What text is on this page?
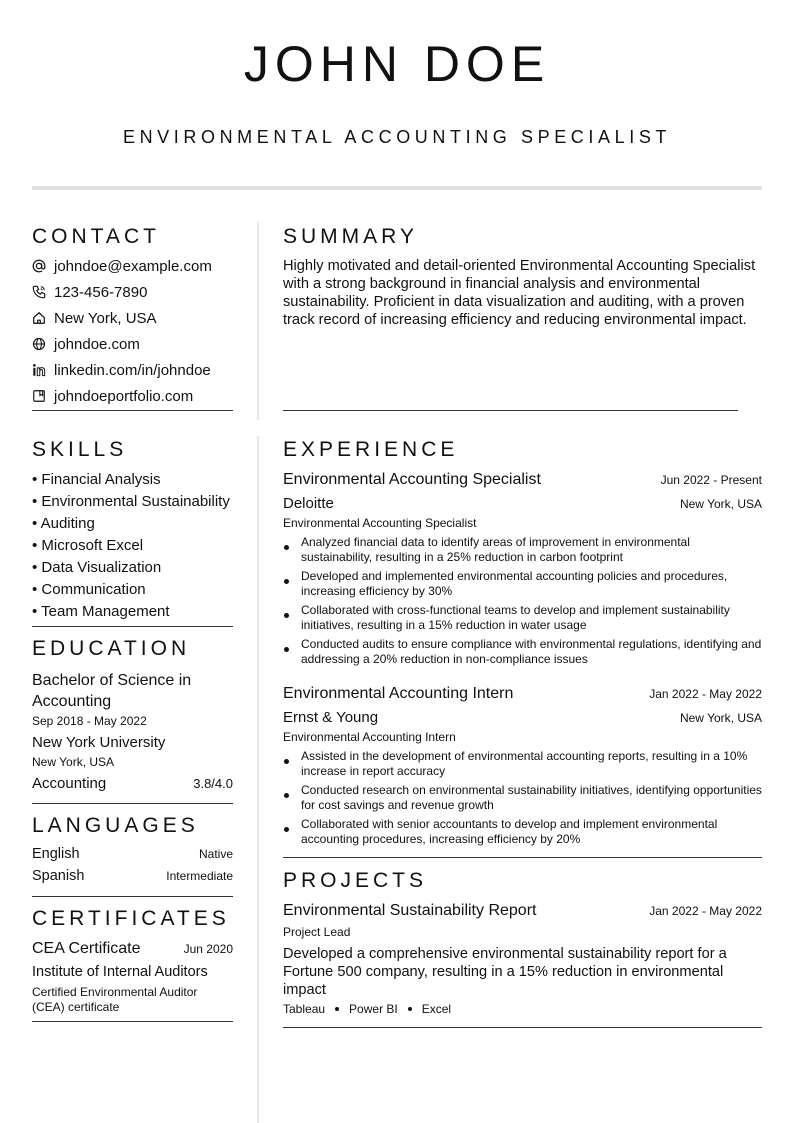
JOHN DOE
ENVIRONMENTAL ACCOUNTING SPECIALIST
CONTACT
johndoe@example.com
123-456-7890
New York, USA
johndoe.com
linkedin.com/in/johndoe
johndoeportfolio.com
SKILLS
• Financial Analysis
• Environmental Sustainability
• Auditing
• Microsoft Excel
• Data Visualization
• Communication
• Team Management
EDUCATION
Bachelor of Science in Accounting
Sep 2018 - May 2022
New York University
New York, USA
Accounting	3.8/4.0
LANGUAGES
English	Native
Spanish	Intermediate
CERTIFICATES
CEA Certificate	Jun 2020
Institute of Internal Auditors
Certified Environmental Auditor (CEA) certificate
SUMMARY
Highly motivated and detail-oriented Environmental Accounting Specialist with a strong background in financial analysis and environmental sustainability. Proficient in data visualization and auditing, with a proven track record of increasing efficiency and reducing environmental impact.
EXPERIENCE
Environmental Accounting Specialist	Jun 2022 - Present
Deloitte	New York, USA
Environmental Accounting Specialist
Analyzed financial data to identify areas of improvement in environmental sustainability, resulting in a 25% reduction in carbon footprint
Developed and implemented environmental accounting policies and procedures, increasing efficiency by 30%
Collaborated with cross-functional teams to develop and implement sustainability initiatives, resulting in a 15% reduction in water usage
Conducted audits to ensure compliance with environmental regulations, identifying and addressing a 20% reduction in non-compliance issues
Environmental Accounting Intern	Jan 2022 - May 2022
Ernst & Young	New York, USA
Environmental Accounting Intern
Assisted in the development of environmental accounting reports, resulting in a 10% increase in report accuracy
Conducted research on environmental sustainability initiatives, identifying opportunities for cost savings and revenue growth
Collaborated with senior accountants to develop and implement environmental accounting procedures, increasing efficiency by 20%
PROJECTS
Environmental Sustainability Report	Jan 2022 - May 2022
Project Lead
Developed a comprehensive environmental sustainability report for a Fortune 500 company, resulting in a 15% reduction in environmental impact
Tableau Power BI Excel
